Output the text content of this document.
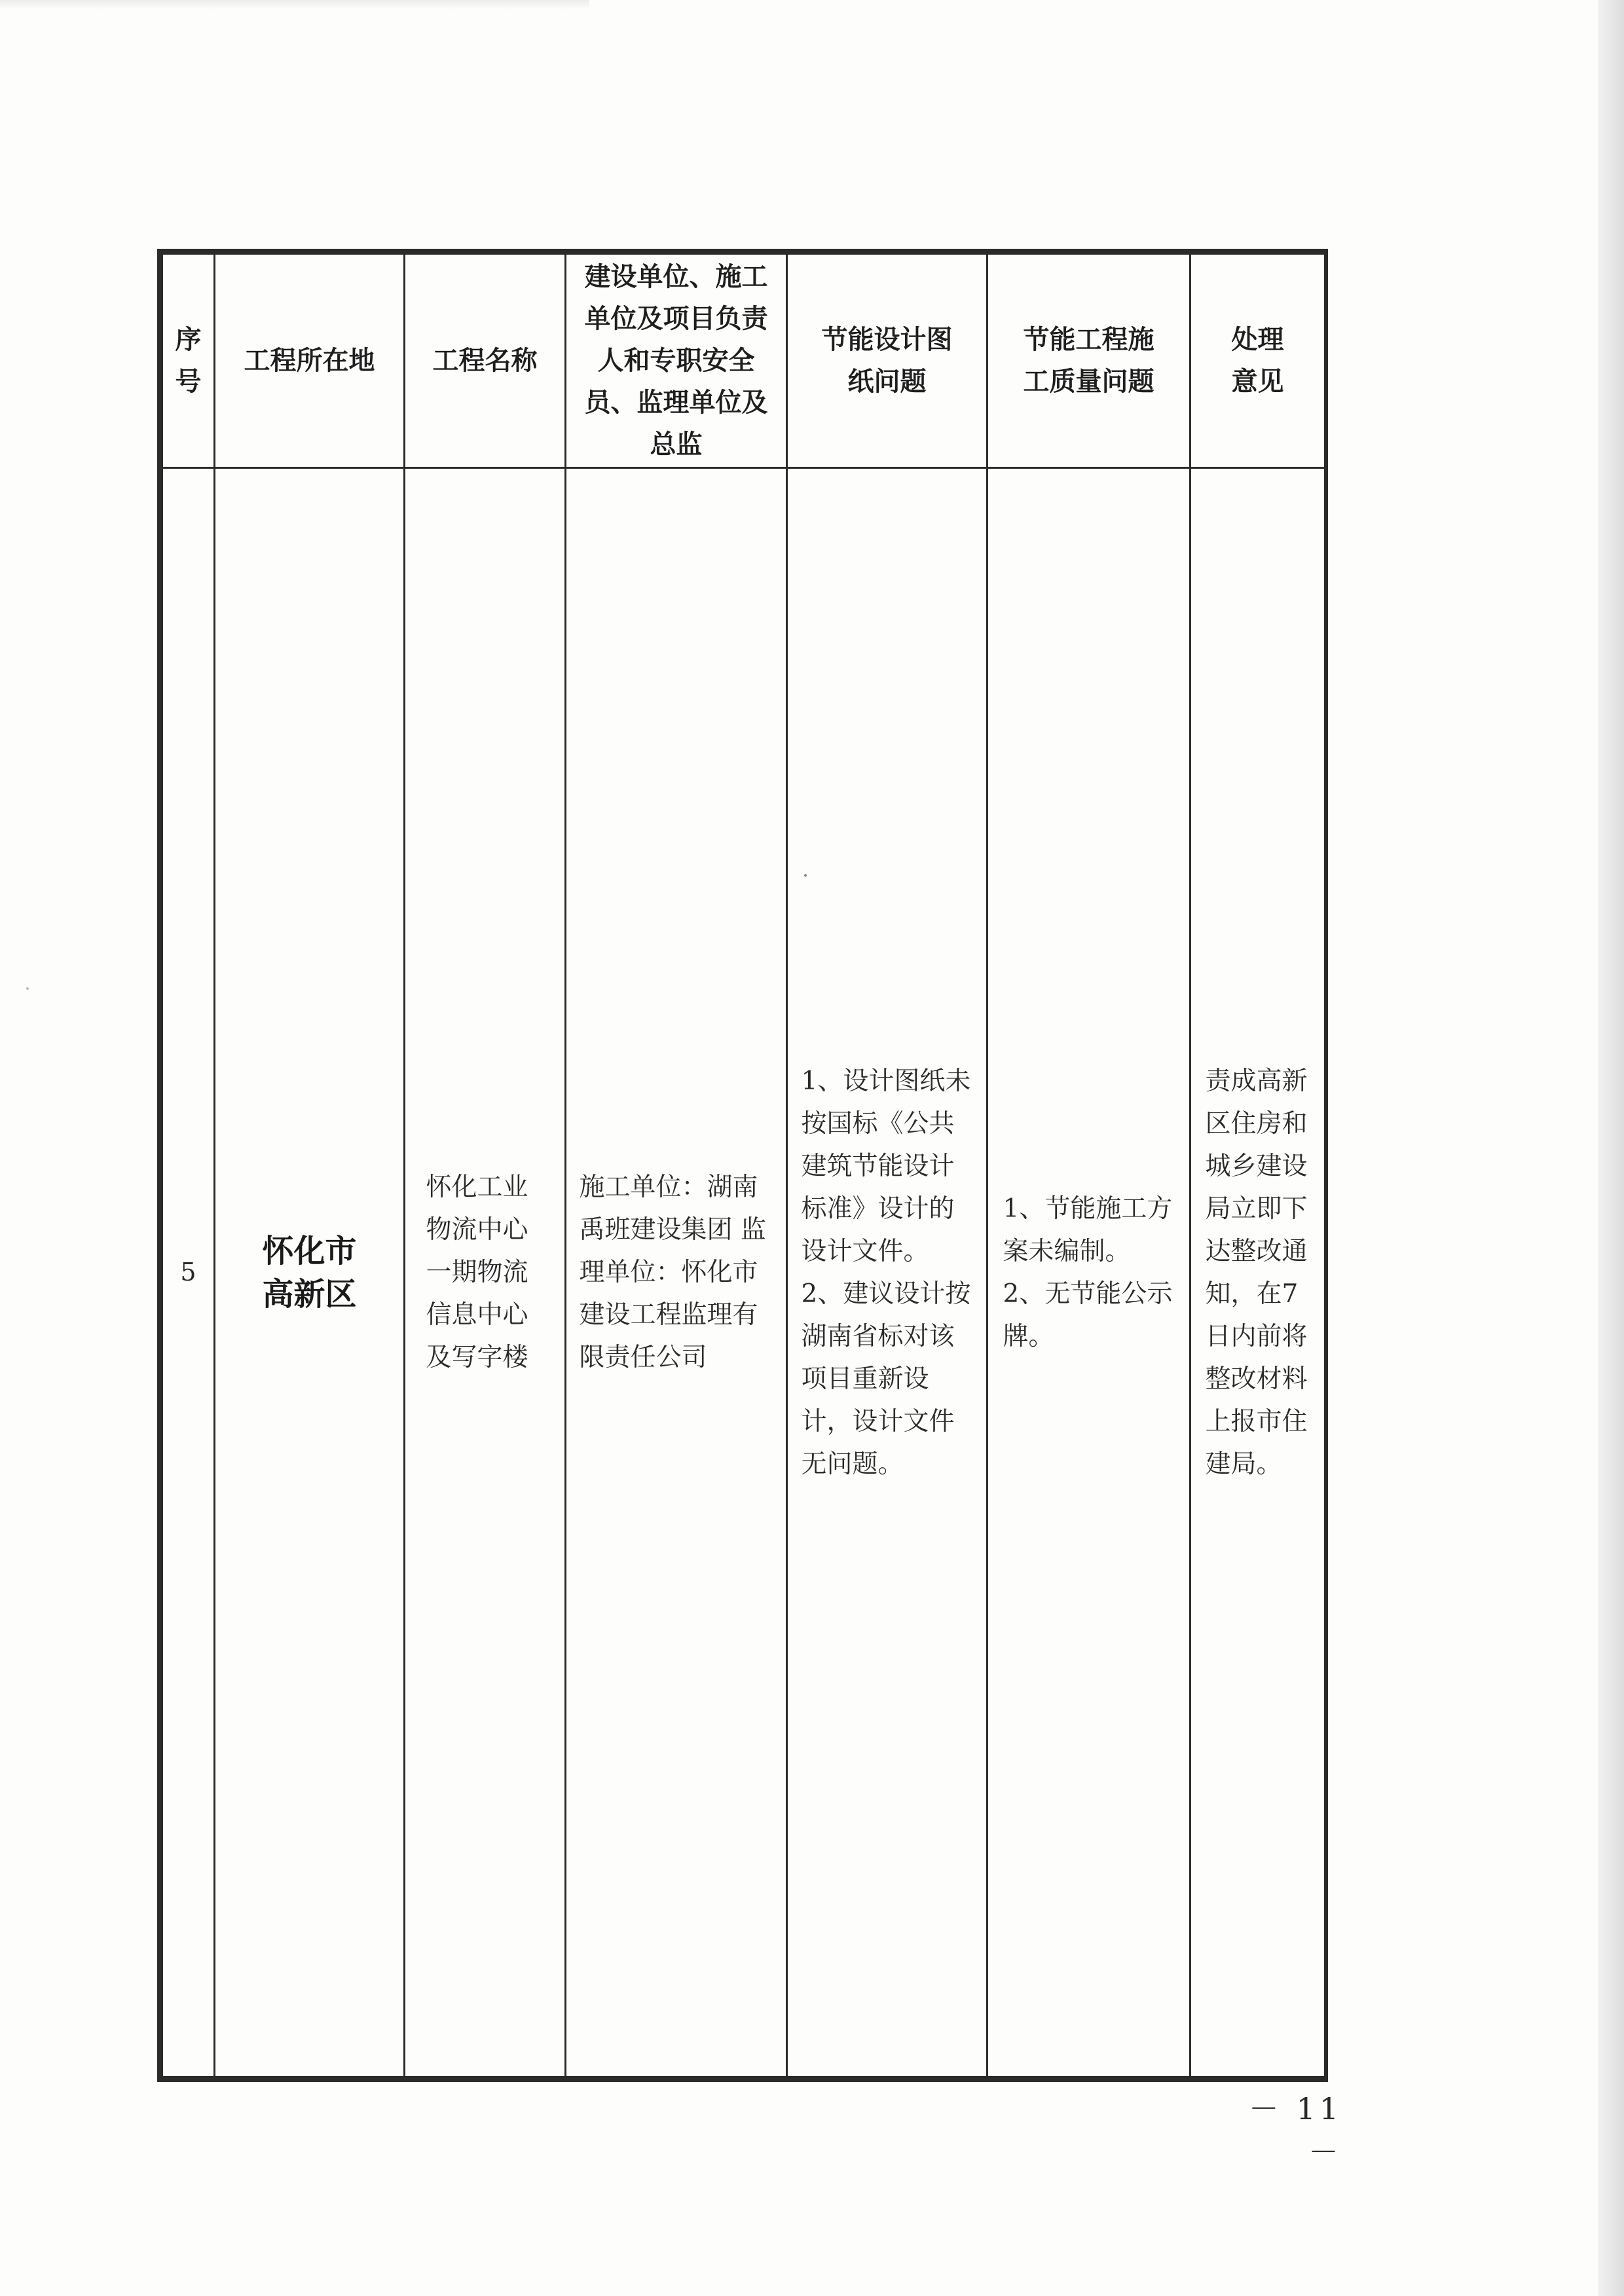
序号	工程所在地	工程名称	建设单位、施工单位及项目负责人和专职安全员、监理单位及总监	节能设计图纸问题	节能工程施工质量问题	处理意见

5	怀化市高新区	怀化工业物流中心一期物流信息中心及写字楼	施工单位：湖南禹班建设集团 监理单位：怀化市建设工程监理有限责任公司	1、设计图纸未按国标《公共建筑节能设计标准》设计的设计文件。 2、建议设计按湖南省标对该项目重新设计，设计文件无问题。	1、节能施工方案未编制。 2、无节能公示牌。	责成高新区住房和城乡建设局立即下达整改通知，在7日内前将整改材料上报市住建局。
－ 11 －
